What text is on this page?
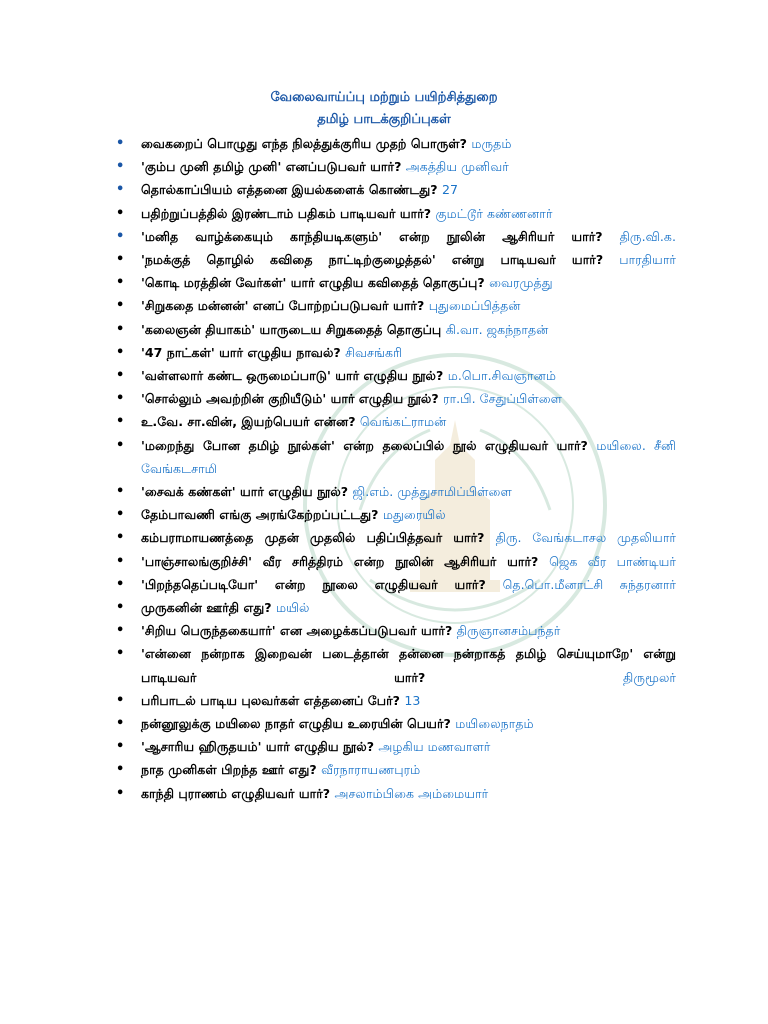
வேலைவாய்ப்பு மற்றும் பயிற்சித்துறை
தமிழ் பாடக்குறிப்புகள்
• வைகறைப் பொழுது எந்த நிலத்துக்குரிய முதற் பொருள்? மருதம்
• 'கும்ப முனி தமிழ் முனி' எனப்படுபவர் யார்? அகத்திய முனிவர்
• தொல்காப்பியம் எத்தனை இயல்களைக் கொண்டது? 27
• பதிற்றுப்பத்தில் இரண்டாம் பதிகம் பாடியவர் யார்? குமட்டூர் கண்ணனார்
• 'மனித வாழ்க்கையும் காந்தியடிகளும்' என்ற நூலின் ஆசிரியர் யார்? திரு.வி.க.
• 'நமக்குத் தொழில் கவிதை நாட்டிற்குழைத்தல்' என்று பாடியவர் யார்? பாரதியார்
• 'கொடி மரத்தின் வேர்கள்' யார் எழுதிய கவிதைத் தொகுப்பு? வைரமுத்து
• 'சிறுகதை மன்னன்' எனப் போற்றப்படுபவர் யார்? புதுமைப்பித்தன்
• 'கலைஞன் தியாகம்' யாருடைய சிறுகதைத் தொகுப்பு கி.வா. ஜகந்நாதன்
• '47 நாட்கள்' யார் எழுதிய நாவல்? சிவசங்கரி
• 'வள்ளலார் கண்ட ஒருமைப்பாடு' யார் எழுதிய நூல்? ம.பொ.சிவஞானம்
• 'சொல்லும் அவற்றின் குறியீடும்' யார் எழுதிய நூல்? ரா.பி. சேதுப்பிள்ளை
• உ.வே. சா.வின், இயற்பெயர் என்ன? வெங்கட்ராமன்
• 'மறைந்து போன தமிழ் நூல்கள்' என்ற தலைப்பில் நூல் எழுதியவர் யார்? மயிலை. சீனி வேங்கடசாமி
• 'சைவக் கண்கள்' யார் எழுதிய நூல்? ஜி.எம். முத்துசாமிப்பிள்ளை
• தேம்பாவணி எங்கு அரங்கேற்றப்பட்டது? மதுரையில்
• கம்பராமாயணத்தை முதன் முதலில் பதிப்பித்தவர் யார்? திரு. வேங்கடாசல முதலியார்
• 'பாஞ்சாலங்குறிச்சி' வீர சரித்திரம் என்ற நூலின் ஆசிரியர் யார்? ஜெக வீர பாண்டியர்
• 'பிறந்ததெப்படியோ' என்ற நூலை எழுதியவர் யார்? தெ.பொ.மீனாட்சி சுந்தரனார்
• முருகனின் ஊர்தி எது? மயில்
• 'சிறிய பெருந்தகையார்' என அழைக்கப்படுபவர் யார்? திருஞானசம்பந்தர்
• 'என்னை நன்றாக இறைவன் படைத்தான் தன்னை நன்றாகத் தமிழ் செய்யுமாறே' என்று பாடியவர் யார்?	திருமூலர்
• பரிபாடல் பாடிய புலவர்கள் எத்தனைப் பேர்? 13
• நன்னூலுக்கு மயிலை நாதர் எழுதிய உரையின் பெயர்? மயிலைநாதம்
• 'ஆசாரிய ஹிருதயம்' யார் எழுதிய நூல்? அழகிய மணவாளர்
• நாத முனிகள் பிறந்த ஊர் எது? வீரநாராயணபுரம்
• காந்தி புராணம் எழுதியவர் யார்? அசலாம்பிகை அம்மையார்
